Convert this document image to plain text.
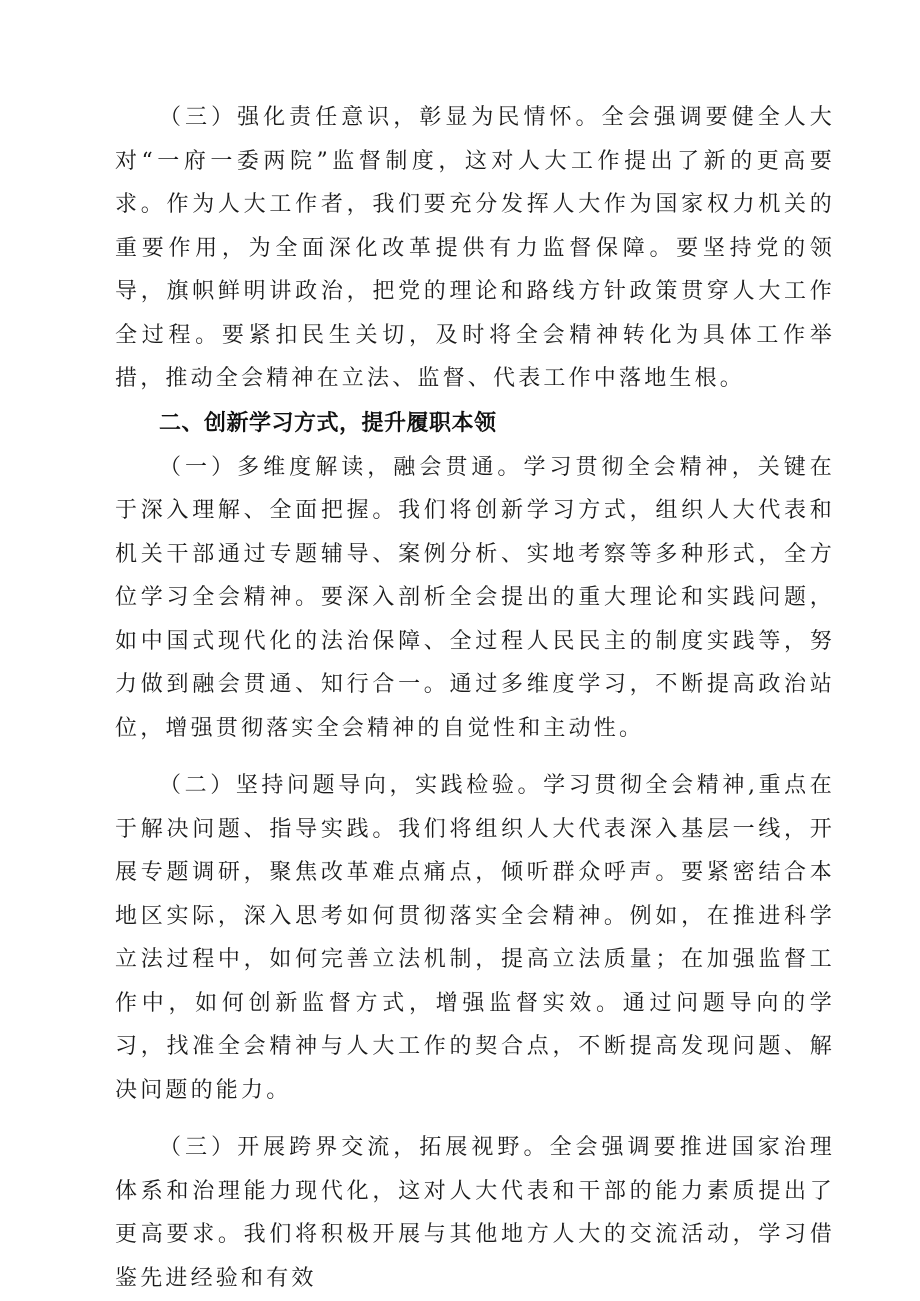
（三）强化责任意识，彰显为民情怀。全会强调要健全人大对“一府一委两院”监督制度，这对人大工作提出了新的更高要求。作为人大工作者，我们要充分发挥人大作为国家权力机关的重要作用，为全面深化改革提供有力监督保障。要坚持党的领导，旗帜鲜明讲政治，把党的理论和路线方针政策贯穿人大工作全过程。要紧扣民生关切，及时将全会精神转化为具体工作举措，推动全会精神在立法、监督、代表工作中落地生根。

二、创新学习方式，提升履职本领

（一）多维度解读，融会贯通。学习贯彻全会精神，关键在于深入理解、全面把握。我们将创新学习方式，组织人大代表和机关干部通过专题辅导、案例分析、实地考察等多种形式，全方位学习全会精神。要深入剖析全会提出的重大理论和实践问题，如中国式现代化的法治保障、全过程人民民主的制度实践等，努力做到融会贯通、知行合一。通过多维度学习，不断提高政治站位，增强贯彻落实全会精神的自觉性和主动性。

（二）坚持问题导向，实践检验。学习贯彻全会精神,重点在于解决问题、指导实践。我们将组织人大代表深入基层一线，开展专题调研，聚焦改革难点痛点，倾听群众呼声。要紧密结合本地区实际，深入思考如何贯彻落实全会精神。例如，在推进科学立法过程中，如何完善立法机制，提高立法质量；在加强监督工作中，如何创新监督方式，增强监督实效。通过问题导向的学习，找准全会精神与人大工作的契合点，不断提高发现问题、解决问题的能力。

（三）开展跨界交流，拓展视野。全会强调要推进国家治理体系和治理能力现代化，这对人大代表和干部的能力素质提出了更高要求。我们将积极开展与其他地方人大的交流活动，学习借鉴先进经验和有效
